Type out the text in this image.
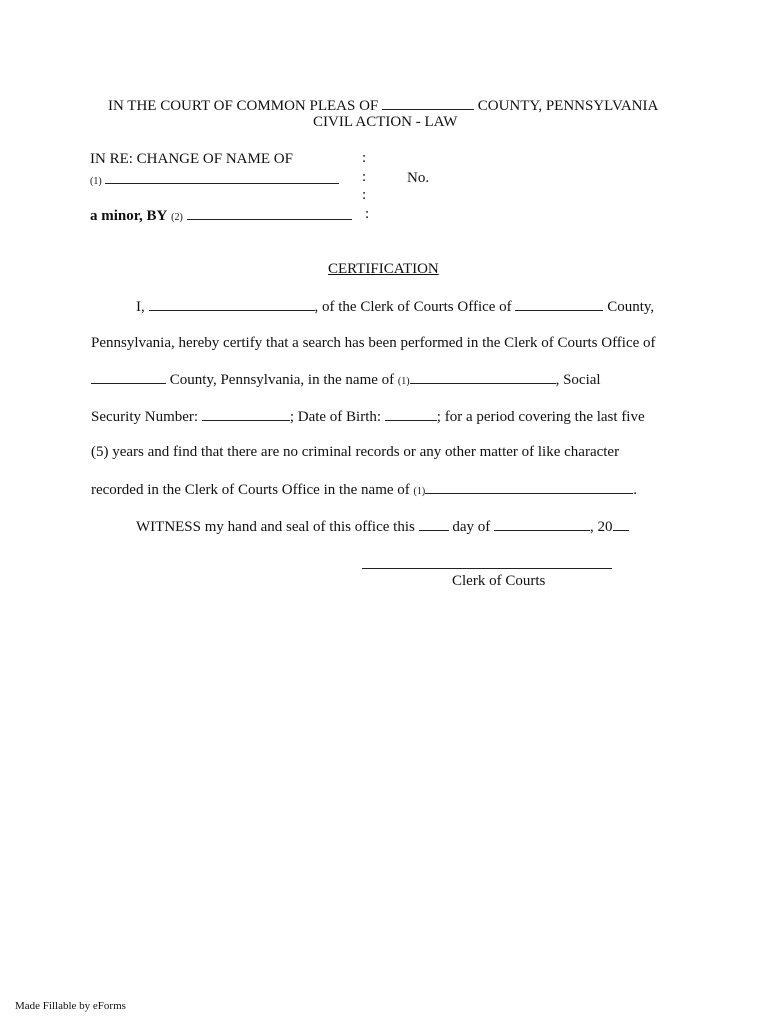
IN THE COURT OF COMMON PLEAS OF	COUNTY, PENNSYLVANIA
CIVIL ACTION - LAW
IN RE: CHANGE OF NAME OF
(1)
a minor, BY (2)
:
:
:
:
No.
CERTIFICATION
I,	, of the Clerk of Courts Office of	County,
Pennsylvania, hereby certify that a search has been performed in the Clerk of Courts Office of
County, Pennsylvania, in the name of (1)	, Social
Security Number:	; Date of Birth:	; for a period covering the last five
(5) years and find that there are no criminal records or any other matter of like character
recorded in the Clerk of Courts Office in the name of (1)	.
WITNESS my hand and seal of this office this	day of	, 20
Clerk of Courts
Made Fillable by eForms
